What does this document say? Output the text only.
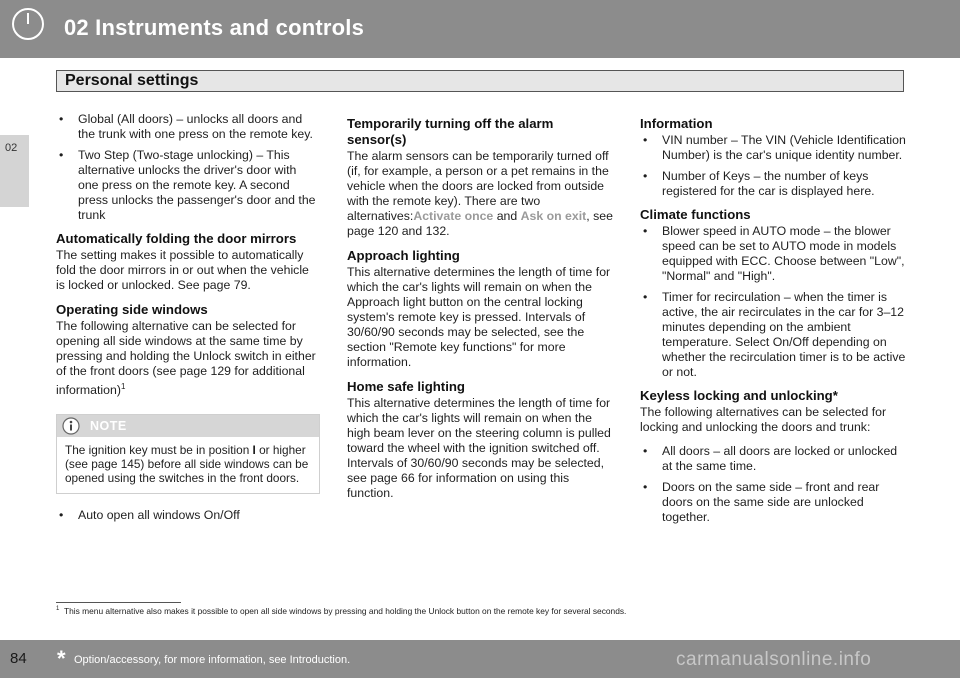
02 Instruments and controls
Personal settings
02
• Global (All doors) – unlocks all doors and the trunk with one press on the remote key.
• Two Step (Two-stage unlocking) – This alternative unlocks the driver's door with one press on the remote key. A second press unlocks the passenger's door and the trunk
Automatically folding the door mirrors

The setting makes it possible to automatically fold the door mirrors in or out when the vehicle is locked or unlocked. See page 79.

Operating side windows

The following alternative can be selected for opening all side windows at the same time by pressing and holding the Unlock switch in either of the front doors (see page 129 for additional information)$^1$

NOTE
The ignition key must be in position I or higher (see page 145) before all side windows can be opened using the switches in the front doors.
• Auto open all windows On/Off
Temporarily turning off the alarm sensor(s)

The alarm sensors can be temporarily turned off (if, for example, a person or a pet remains in the vehicle when the doors are locked from outside with the remote key). There are two alternatives:Activate once and Ask on exit, see page 120 and 132.

Approach lighting

This alternative determines the length of time for which the car's lights will remain on when the Approach light button on the central locking system's remote key is pressed. Intervals of 30/60/90 seconds may be selected, see the section "Remote key functions" for more information.

Home safe lighting

This alternative determines the length of time for which the car's lights will remain on when the high beam lever on the steering column is pulled toward the wheel with the ignition switched off. Intervals of 30/60/90 seconds may be selected, see page 66 for information on using this function.

Information
• VIN number – The VIN (Vehicle Identification Number) is the car's unique identity number.
• Number of Keys – the number of keys registered for the car is displayed here.
Climate functions
• Blower speed in AUTO mode – the blower speed can be set to AUTO mode in models equipped with ECC. Choose between "Low", "Normal" and "High".
• Timer for recirculation – when the timer is active, the air recirculates in the car for 3–12 minutes depending on the ambient temperature. Select On/Off depending on whether the recirculation timer is to be active or not.
Keyless locking and unlocking*

The following alternatives can be selected for locking and unlocking the doors and trunk:

• All doors – all doors are locked or unlocked at the same time.
• Doors on the same side – front and rear doors on the same side are unlocked together.
$^1$ This menu alternative also makes it possible to open all side windows by pressing and holding the Unlock button on the remote key for several seconds.
84 * Option/accessory, for more information, see Introduction.	carmanualsonline.info
